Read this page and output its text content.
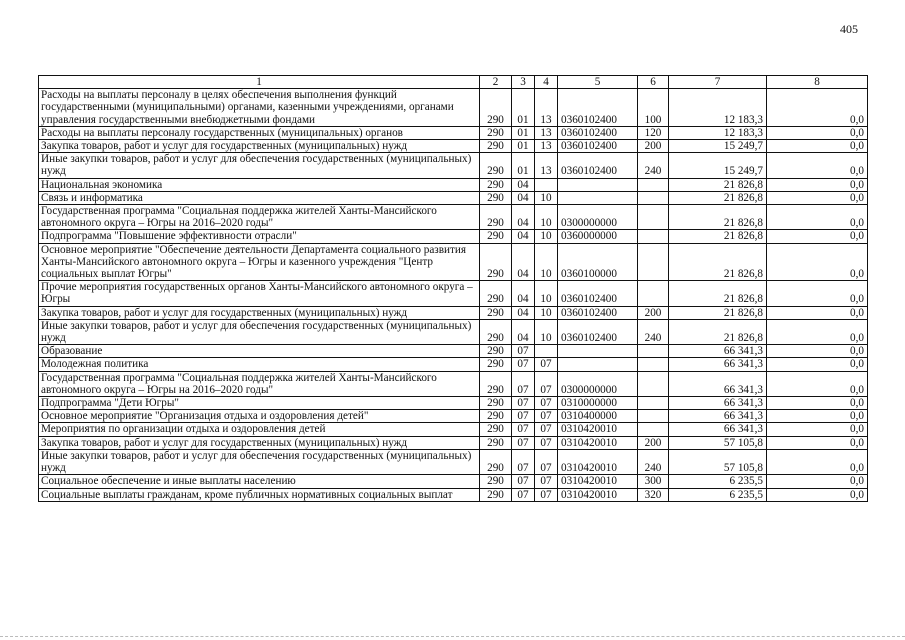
405
1	2	3	4	5	6	7	8
Расходы на выплаты персоналу в целях обеспечения выполнения функций государственными (муниципальными) органами, казенными учреждениями, органами управления государственными внебюджетными фондами	290	01	13	0360102400	100	12 183,3	0,0
Расходы на выплаты персоналу государственных (муниципальных) органов	290	01	13	0360102400	120	12 183,3	0,0
Закупка товаров, работ и услуг для государственных (муниципальных) нужд	290	01	13	0360102400	200	15 249,7	0,0
Иные закупки товаров, работ и услуг для обеспечения государственных (муниципальных) нужд	290	01	13	0360102400	240	15 249,7	0,0
Национальная экономика	290	04				21 826,8	0,0
Связь и информатика	290	04	10			21 826,8	0,0
Государственная программа "Социальная поддержка жителей Ханты-Мансийского автономного округа – Югры на 2016–2020 годы"	290	04	10	0300000000		21 826,8	0,0
Подпрограмма "Повышение эффективности отрасли"	290	04	10	0360000000		21 826,8	0,0
Основное мероприятие "Обеспечение деятельности Департамента социального развития Ханты-Мансийского автономного округа – Югры и казенного учреждения "Центр социальных выплат Югры"	290	04	10	0360100000		21 826,8	0,0
Прочие мероприятия государственных органов Ханты-Мансийского автономного округа – Югры	290	04	10	0360102400		21 826,8	0,0
Закупка товаров, работ и услуг для государственных (муниципальных) нужд	290	04	10	0360102400	200	21 826,8	0,0
Иные закупки товаров, работ и услуг для обеспечения государственных (муниципальных) нужд	290	04	10	0360102400	240	21 826,8	0,0
Образование	290	07				66 341,3	0,0
Молодежная политика	290	07	07			66 341,3	0,0
Государственная программа "Социальная поддержка жителей Ханты-Мансийского автономного округа – Югры на 2016–2020 годы"	290	07	07	0300000000		66 341,3	0,0
Подпрограмма "Дети Югры"	290	07	07	0310000000		66 341,3	0,0
Основное мероприятие "Организация отдыха и оздоровления детей"	290	07	07	0310400000		66 341,3	0,0
Мероприятия по организации отдыха и оздоровления детей	290	07	07	0310420010		66 341,3	0,0
Закупка товаров, работ и услуг для государственных (муниципальных) нужд	290	07	07	0310420010	200	57 105,8	0,0
Иные закупки товаров, работ и услуг для обеспечения государственных (муниципальных) нужд	290	07	07	0310420010	240	57 105,8	0,0
Социальное обеспечение и иные выплаты населению	290	07	07	0310420010	300	6 235,5	0,0
Социальные выплаты гражданам, кроме публичных нормативных социальных выплат	290	07	07	0310420010	320	6 235,5	0,0
